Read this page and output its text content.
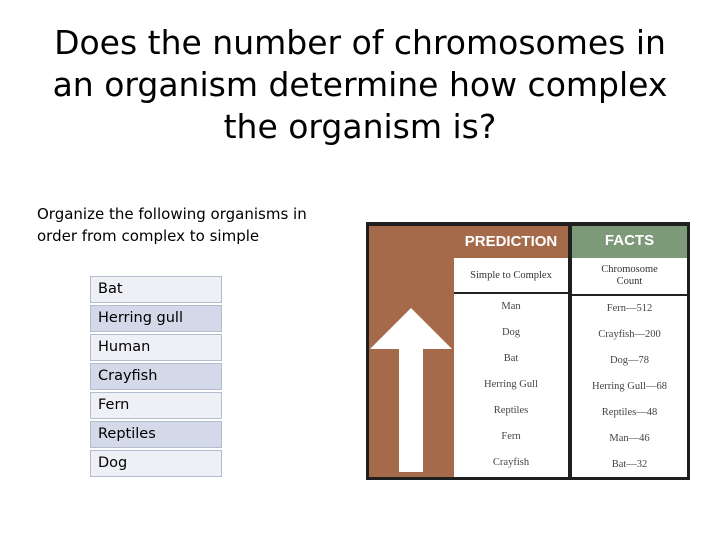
Does the number of chromosomes in
an organism determine how complex
the organism is?
Organize the following organisms in
order from complex to simple
Bat
Herring gull
Human
Crayfish
Fern
Reptiles
Dog
PREDICTION	FACTS
Simple to Complex
Man
Dog
Bat
Herring Gull
Reptiles
Fern
Crayfish
Chromosome
Count
Fern—512
Crayfish—200
Dog—78
Herring Gull—68
Reptiles—48
Man—46
Bat—32
